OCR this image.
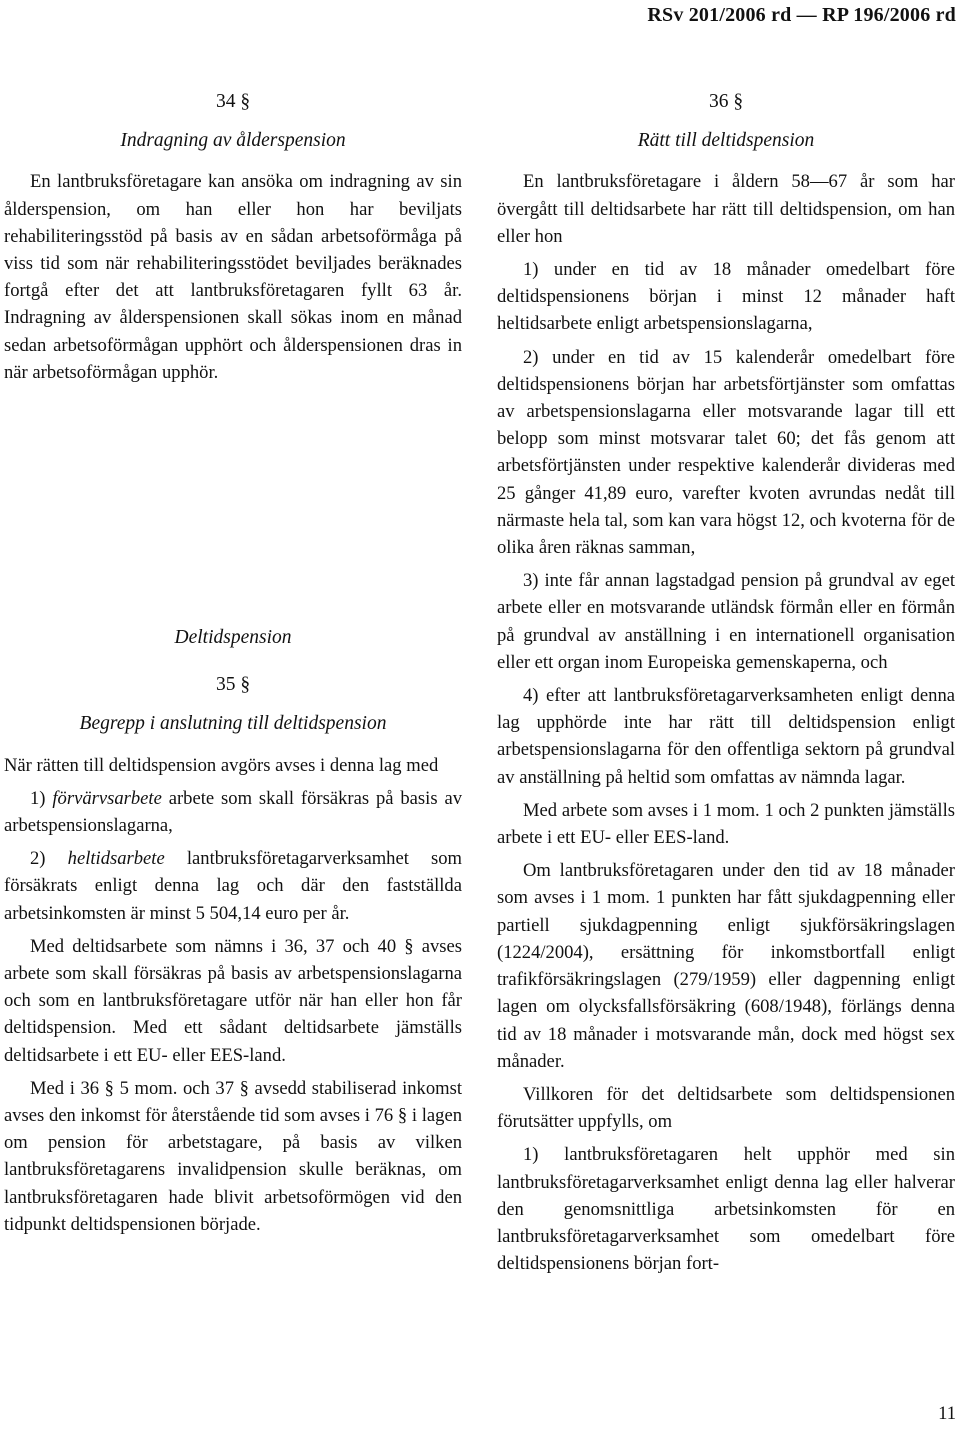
RSv 201/2006 rd — RP 196/2006 rd
34 §
Indragning av ålderspension

En lantbruksföretagare kan ansöka om indragning av sin ålderspension, om han eller hon har beviljats rehabiliteringsstöd på basis av en sådan arbetsoförmåga på viss tid som när rehabiliteringsstödet beviljades beräknades fortgå efter det att lantbruksföretagaren fyllt 63 år. Indragning av ålderspensionen skall sökas inom en månad sedan arbetsoförmågan upphört och ålderspensionen dras in när arbetsoförmågan upphör.

Deltidspension
35 §
Begrepp i anslutning till deltidspension

När rätten till deltidspension avgörs avses i denna lag med

1) förvärvsarbete arbete som skall försäkras på basis av arbetspensionslagarna,

2) heltidsarbete lantbruksföretagarverksamhet som försäkrats enligt denna lag och där den fastställda arbetsinkomsten är minst 5 504,14 euro per år.

Med deltidsarbete som nämns i 36, 37 och 40 § avses arbete som skall försäkras på basis av arbetspensionslagarna och som en lantbruksföretagare utför när han eller hon får deltidspension. Med ett sådant deltidsarbete jämställs deltidsarbete i ett EU- eller EES-land.

Med i 36 § 5 mom. och 37 § avsedd stabiliserad inkomst avses den inkomst för återstående tid som avses i 76 § i lagen om pension för arbetstagare, på basis av vilken lantbruksföretagarens invalidpension skulle beräknas, om lantbruksföretagaren hade blivit arbetsoförmögen vid den tidpunkt deltidspensionen började.

36 §
Rätt till deltidspension

En lantbruksföretagare i åldern 58—67 år som har övergått till deltidsarbete har rätt till deltidspension, om han eller hon

1) under en tid av 18 månader omedelbart före deltidspensionens början i minst 12 månader haft heltidsarbete enligt arbetspensionslagarna,

2) under en tid av 15 kalenderår omedelbart före deltidspensionens början har arbetsförtjänster som omfattas av arbetspensionslagarna eller motsvarande lagar till ett belopp som minst motsvarar talet 60; det fås genom att arbetsförtjänsten under respektive kalenderår divideras med 25 gånger 41,89 euro, varefter kvoten avrundas nedåt till närmaste hela tal, som kan vara högst 12, och kvoterna för de olika åren räknas samman,

3) inte får annan lagstadgad pension på grundval av eget arbete eller en motsvarande utländsk förmån eller en förmån på grundval av anställning i en internationell organisation eller ett organ inom Europeiska gemenskaperna, och

4) efter att lantbruksföretagarverksamheten enligt denna lag upphörde inte har rätt till deltidspension enligt arbetspensionslagarna för den offentliga sektorn på grundval av anställning på heltid som omfattas av nämnda lagar.

Med arbete som avses i 1 mom. 1 och 2 punkten jämställs arbete i ett EU- eller EES-land.

Om lantbruksföretagaren under den tid av 18 månader som avses i 1 mom. 1 punkten har fått sjukdagpenning eller partiell sjukdagpenning enligt sjukförsäkringslagen (1224/2004), ersättning för inkomstbortfall enligt trafikförsäkringslagen (279/1959) eller dagpenning enligt lagen om olycksfallsförsäkring (608/1948), förlängs denna tid av 18 månader i motsvarande mån, dock med högst sex månader.

Villkoren för det deltidsarbete som deltidspensionen förutsätter uppfylls, om

1) lantbruksföretagaren helt upphör med sin lantbruksföretagarverksamhet enligt denna lag eller halverar den genomsnittliga arbetsinkomsten för en lantbruksföretagarverksamhet som omedelbart före deltidspensionens början fort-

11
